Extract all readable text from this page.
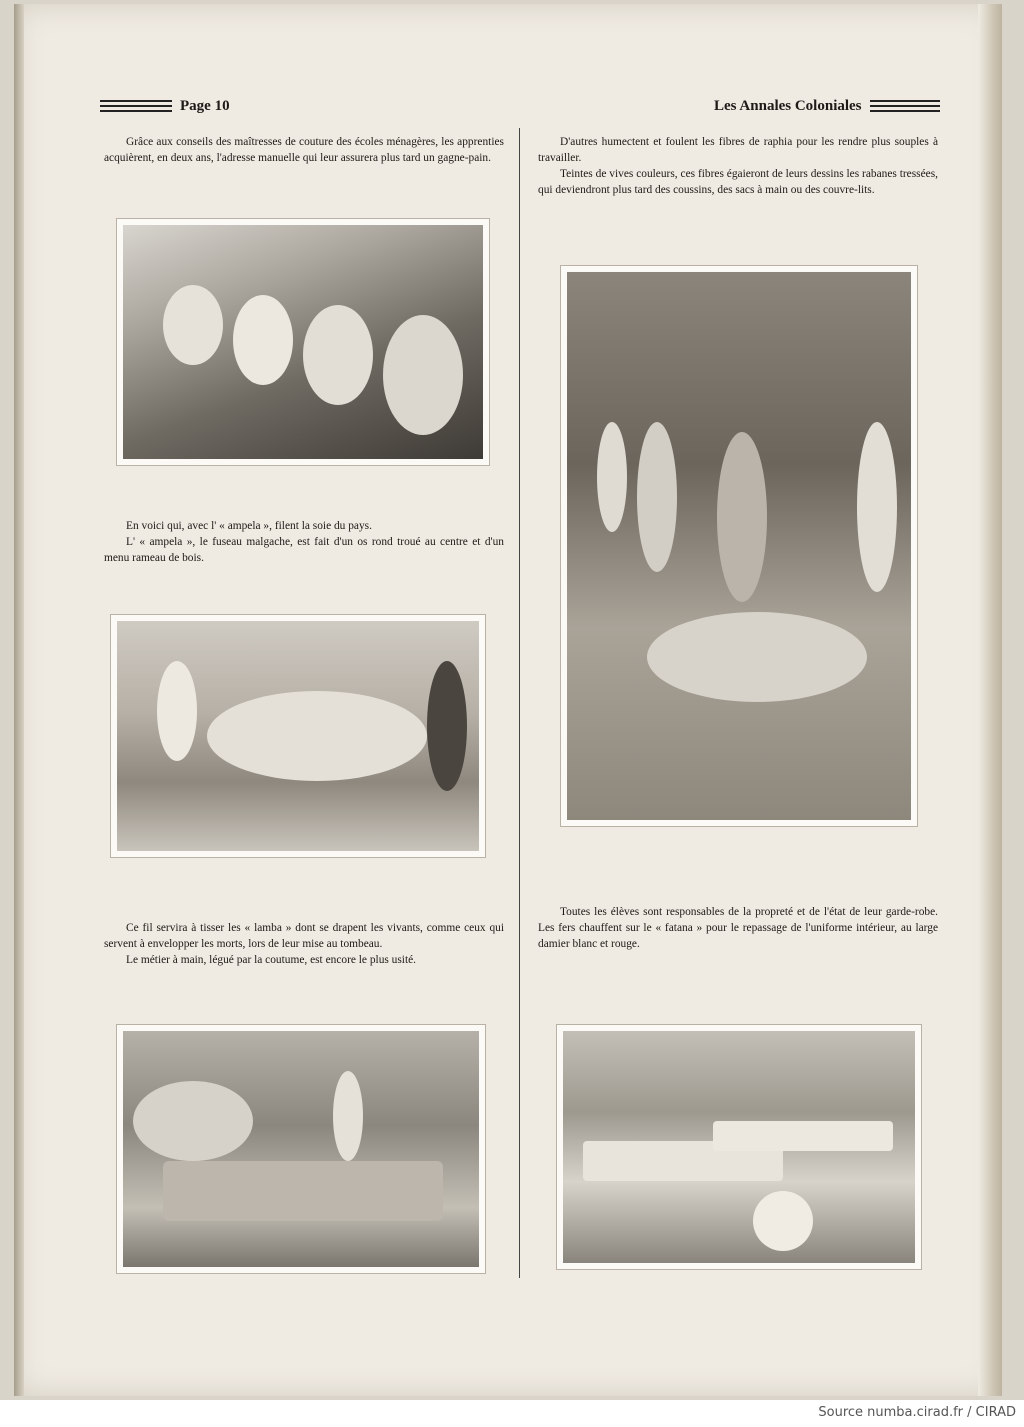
Page 10	Les Annales Coloniales

Grâce aux conseils des maîtresses de couture des écoles ménagères, les apprenties acquièrent, en deux ans, l'adresse manuelle qui leur assurera plus tard un gagne-pain.

En voici qui, avec l' « ampela », filent la soie du pays.

L' « ampela », le fuseau malgache, est fait d'un os rond troué au centre et d'un menu rameau de bois.

Ce fil servira à tisser les « lamba » dont se drapent les vivants, comme ceux qui servent à envelopper les morts, lors de leur mise au tombeau.

Le métier à main, légué par la coutume, est encore le plus usité.

D'autres humectent et foulent les fibres de raphia pour les rendre plus souples à travailler.

Teintes de vives couleurs, ces fibres égaieront de leurs dessins les rabanes tressées, qui deviendront plus tard des coussins, des sacs à main ou des couvre-lits.

Toutes les élèves sont responsables de la propreté et de l'état de leur garde-robe. Les fers chauffent sur le « fatana » pour le repassage de l'uniforme intérieur, au large damier blanc et rouge.

Source numba.cirad.fr / CIRAD
